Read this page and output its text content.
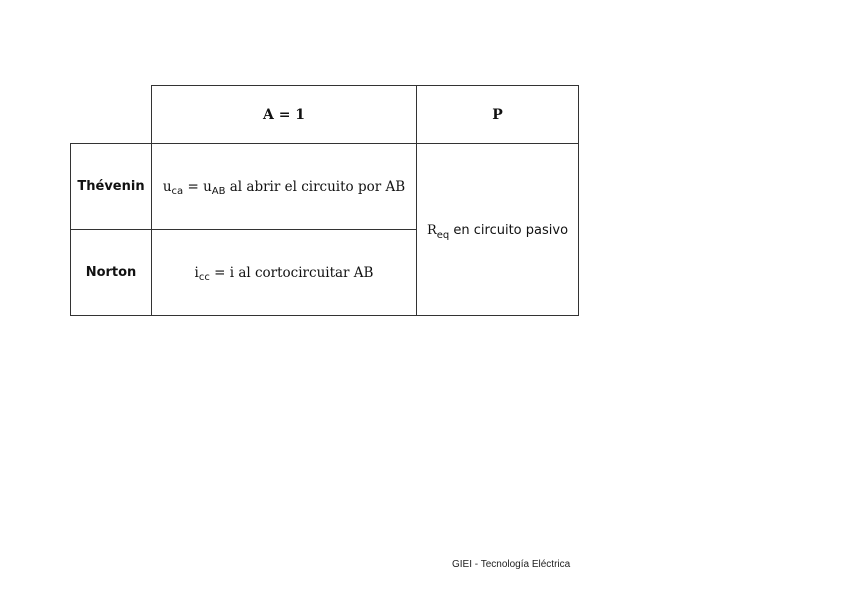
A = 1	P
Thévenin $u_{ca} = u_{AB}$ al abrir el circuito por AB
$R_{eq}$ en circuito pasivo
Norton	$i_{cc} = i$ al cortocircuitar AB
GIEI - Tecnología Eléctrica
